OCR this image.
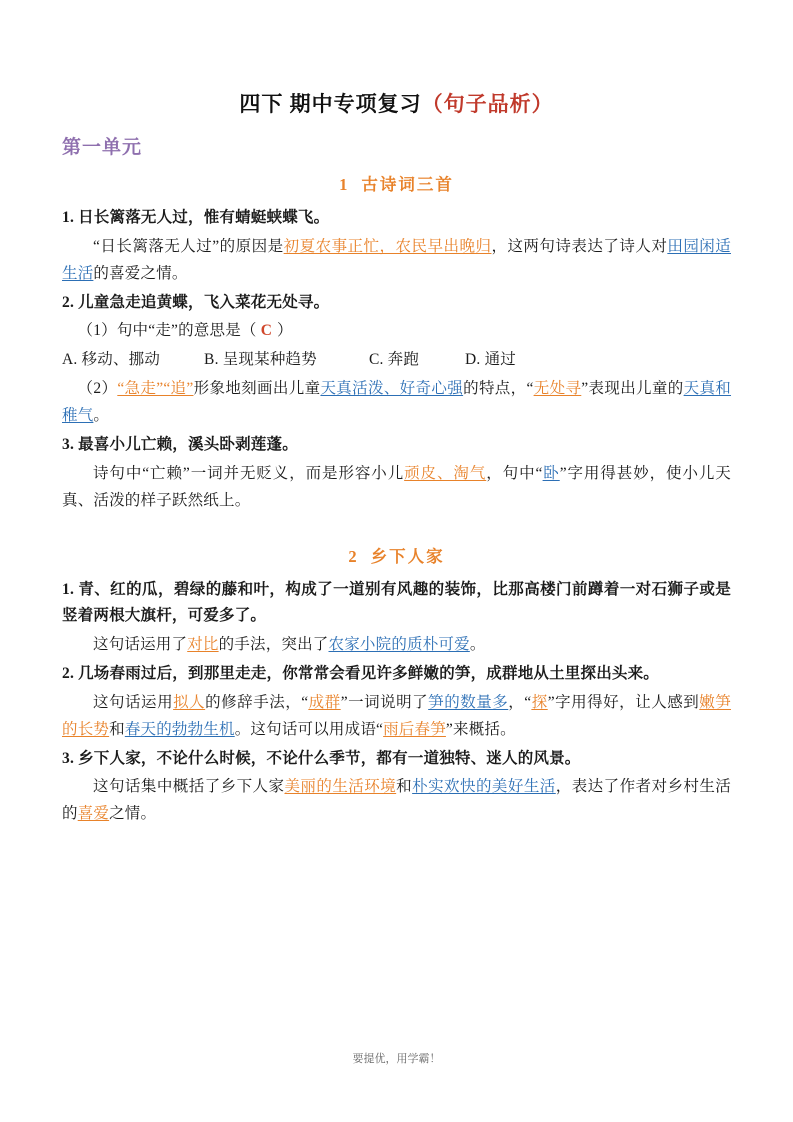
四下 期中专项复习（句子品析）
第一单元
1 古诗词三首
1. 日长篱落无人过，惟有蜻蜓蛱蝶飞。
“日长篱落无人过”的原因是初夏农事正忙，农民早出晚归，这两句诗表达了诗人对田园闲适生活的喜爱之情。
2. 儿童急走追黄蝶，飞入菜花无处寻。
（1）句中“走”的意思是（ C ）
A. 移动、挪动	B. 呈现某种趋势	C. 奔跑	D. 通过
（2）“急走”“追”形象地刻画出儿童天真活泼、好奇心强的特点，“无处寻”表现出儿童的天真和稚气。
3. 最喜小儿亡赖，溪头卧剥莲蓬。
诗句中“亡赖”一词并无贬义，而是形容小儿顽皮、淘气，句中“卧”字用得甚妙，使小儿天真、活泼的样子跃然纸上。
2 乡下人家
1. 青、红的瓜，碧绿的藤和叶，构成了一道别有风趣的装饰，比那高楼门前蹲着一对石狮子或是竖着两根大旗杆，可爱多了。
这句话运用了对比的手法，突出了农家小院的质朴可爱。
2. 几场春雨过后，到那里走走，你常常会看见许多鲜嫩的笋，成群地从土里探出头来。
这句话运用拟人的修辞手法，“成群”一词说明了笋的数量多，“探”字用得好，让人感到嫩笋的长势和春天的勃勃生机。这句话可以用成语“雨后春笋”来概括。
3. 乡下人家，不论什么时候，不论什么季节，都有一道独特、迷人的风景。
这句话集中概括了乡下人家美丽的生活环境和朴实欢快的美好生活，表达了作者对乡村生活的喜爱之情。
要提优，用学霸！
